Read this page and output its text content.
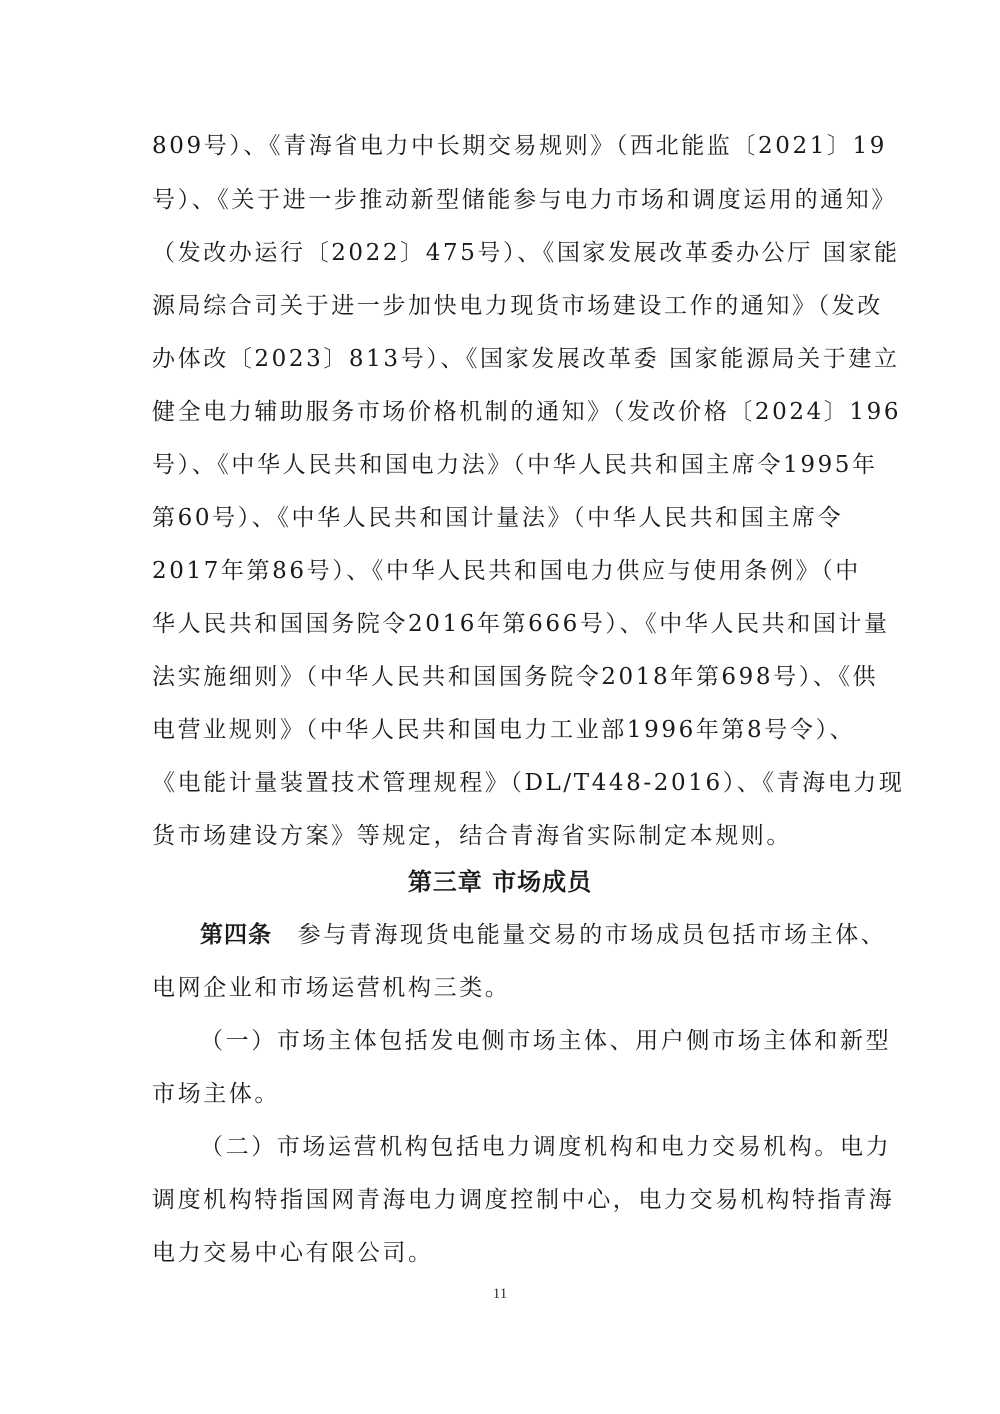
809号）、《青海省电力中长期交易规则》（西北能监〔2021〕19
号）、《关于进一步推动新型储能参与电力市场和调度运用的通知》
（发改办运行〔2022〕475号）、《国家发展改革委办公厅 国家能
源局综合司关于进一步加快电力现货市场建设工作的通知》（发改
办体改〔2023〕813号）、《国家发展改革委 国家能源局关于建立
健全电力辅助服务市场价格机制的通知》（发改价格〔2024〕196
号）、《中华人民共和国电力法》（中华人民共和国主席令1995年
第60号）、《中华人民共和国计量法》（中华人民共和国主席令
2017年第86号）、《中华人民共和国电力供应与使用条例》（中
华人民共和国国务院令2016年第666号）、《中华人民共和国计量
法实施细则》（中华人民共和国国务院令2018年第698号）、《供
电营业规则》（中华人民共和国电力工业部1996年第8号令）、
《电能计量装置技术管理规程》（DL/T448-2016）、《青海电力现
货市场建设方案》等规定，结合青海省实际制定本规则。
第三章 市场成员
第四条　参与青海现货电能量交易的市场成员包括市场主体、
电网企业和市场运营机构三类。
（一）市场主体包括发电侧市场主体、用户侧市场主体和新型
市场主体。
（二）市场运营机构包括电力调度机构和电力交易机构。电力
调度机构特指国网青海电力调度控制中心，电力交易机构特指青海
电力交易中心有限公司。
11
